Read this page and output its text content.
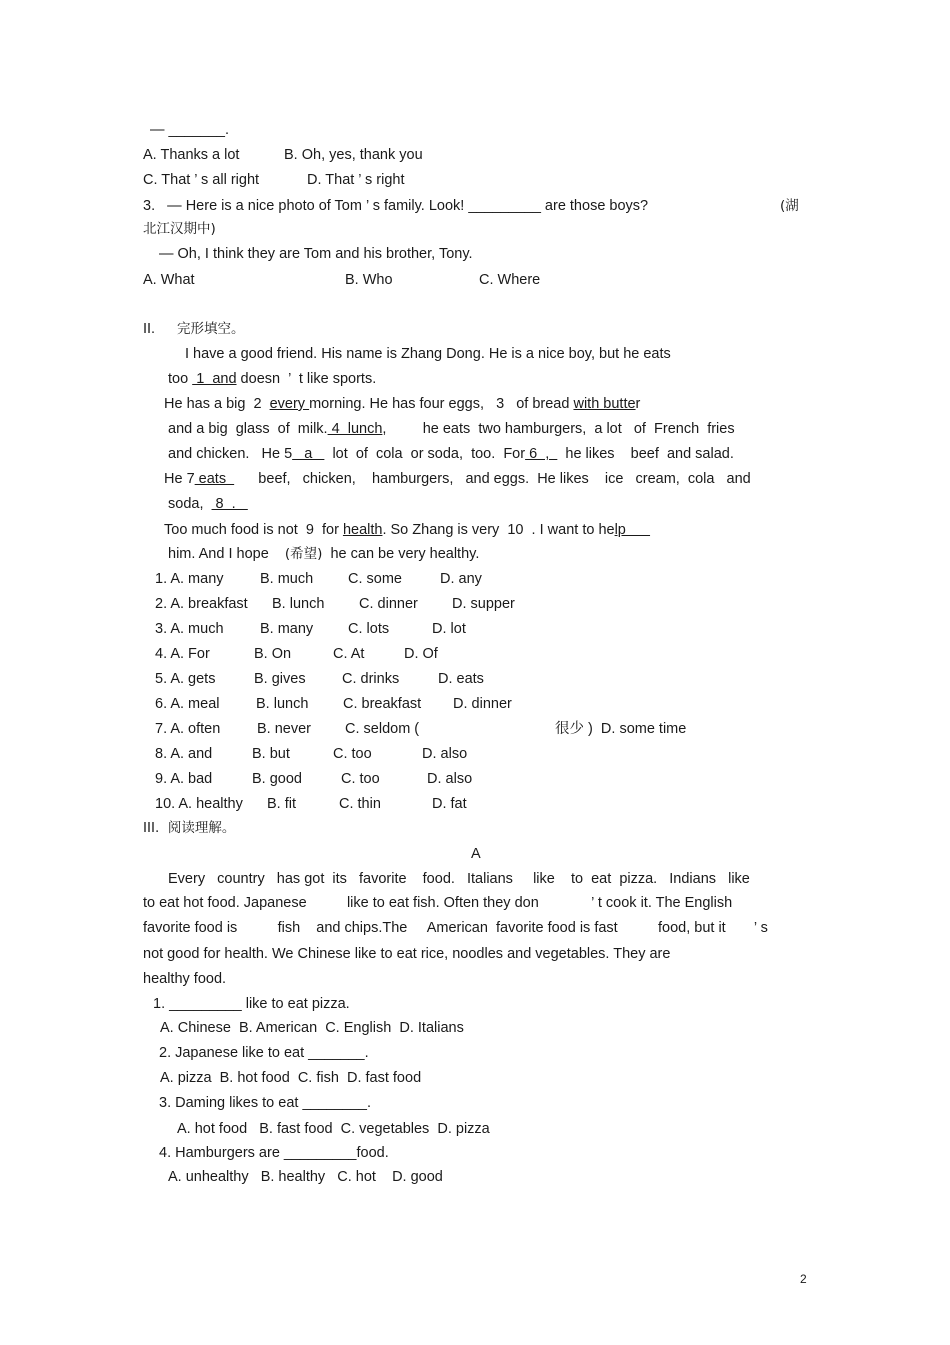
— _______.
A. Thanks a lot	B. Oh, yes, thank you
C. That ’ s all right	D. That ’ s right
3.   — Here is a nice photo of Tom ’ s family. Look! _________ are those boys?	(湖
北江汉期中)
— Oh, I think they are Tom and his brother, Tony.
A. What	B. Who	C. Where
II. 完形填空。
I have a good friend. His name is Zhang Dong. He is a nice boy, but he eats
too  1  and doesn  ’  t like sports.
He has a big  2  every morning. He has four eggs,   3   of bread with butter
and a big  glass  of  milk. 4  lunch,         he eats  two hamburgers,  a lot   of  French  fries
and chicken.   He 5   a     lot  of  cola  or soda,  too.  For 6  ,    he likes    beef  and salad.
He 7 eats        beef,   chicken,    hamburgers,   and eggs.  He likes    ice   cream,  cola   and
soda,   8  .
Too much food is not  9  for health. So Zhang is very  10  . I want to help
him. And I hope    (希望)  he can be very healthy.
1. A. many	B. much C. some	D. any
2. A. breakfast B. lunch C. dinner D. supper
3. A. much	B. many C. lots	D. lot
4. A. For	B. On	C. At	D. Of
5. A. gets	B. gives	C. drinks	D. eats
6. A. meal	B. lunch C. breakfast D. dinner
7. A. often	B. never C. seldom (	很少 )  D. some time
8. A. and	B. but	C. too	D. also
9. A. bad	B. good	C. too	D. also
10. A. healthy B. fit	C. thin	D. fat
III.  阅读理解。
A
Every   country   has got  its   favorite    food.   Italians     like    to  eat  pizza.   Indians   like
to eat hot food. Japanese          like to eat fish. Often they don             ’ t cook it. The English
favorite food is          fish    and chips.The     American  favorite food is fast          food, but it       ’ s
not good for health. We Chinese like to eat rice, noodles and vegetables. They are
healthy food.
1. _________ like to eat pizza.
A. Chinese  B. American  C. English  D. Italians
2. Japanese like to eat _______.
A. pizza  B. hot food  C. fish  D. fast food
3. Daming likes to eat ________.
A. hot food   B. fast food  C. vegetables  D. pizza
4. Hamburgers are _________food.
A. unhealthy   B. healthy   C. hot    D. good
2
